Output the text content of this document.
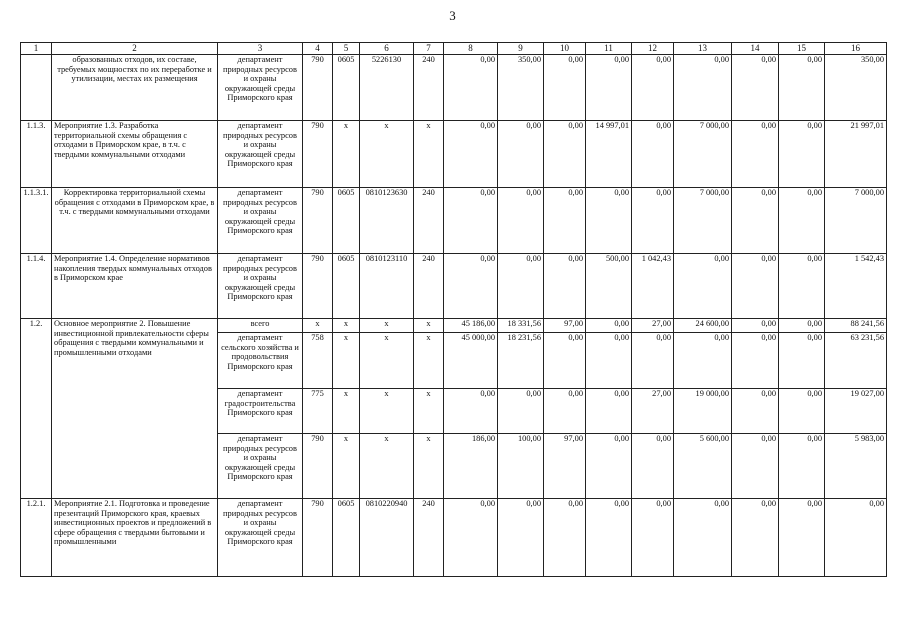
3
1	2	3	4	5	6	7	8	9	10	11	12	13	14	15	16
	образованных отходов, их составе, требуемых мощностях по их переработке и утилизации, местах их размещения	департамент природных ресурсов и охраны окружающей среды Приморского края	790	0605	5226130	240	0,00	350,00	0,00	0,00	0,00	0,00	0,00	0,00	350,00
1.1.3.	Мероприятие 1.3. Разработка территориальной схемы обращения с отходами в Приморском крае, в т.ч. с твердыми коммунальными отходами	департамент природных ресурсов и охраны окружающей среды Приморского края	790	х	х	х	0,00	0,00	0,00	14 997,01	0,00	7 000,00	0,00	0,00	21 997,01
1.1.3.1.	Корректировка территориальной схемы обращения с отходами в Приморском крае, в т.ч. с твердыми коммунальными отходами	департамент природных ресурсов и охраны окружающей среды Приморского края	790	0605	0810123630	240	0,00	0,00	0,00	0,00	0,00	7 000,00	0,00	0,00	7 000,00
1.1.4.	Мероприятие 1.4. Определение нормативов накопления твердых коммунальных отходов в Приморском крае	департамент природных ресурсов и охраны окружающей среды Приморского края	790	0605	0810123110	240	0,00	0,00	0,00	500,00	1 042,43	0,00	0,00	0,00	1 542,43
1.2.	Основное мероприятие 2. Повышение инвестиционной привлекательности сферы обращения с твердыми коммунальными и промышленными отходами	всего	х	х	х	х	45 186,00	18 331,56	97,00	0,00	27,00	24 600,00	0,00	0,00	88 241,56
		департамент сельского хозяйства и продовольствия Приморского края	758	х	х	х	45 000,00	18 231,56	0,00	0,00	0,00	0,00	0,00	0,00	63 231,56
		департамент градостроительства Приморского края	775	х	х	х	0,00	0,00	0,00	0,00	27,00	19 000,00	0,00	0,00	19 027,00
		департамент природных ресурсов и охраны окружающей среды Приморского края	790	х	х	х	186,00	100,00	97,00	0,00	0,00	5 600,00	0,00	0,00	5 983,00
1.2.1.	Мероприятие 2.1. Подготовка и проведение презентаций Приморского края, краевых инвестиционных проектов и предложений в сфере обращения с твердыми бытовыми и промышленными	департамент природных ресурсов и охраны окружающей среды Приморского края	790	0605	0810220940	240	0,00	0,00	0,00	0,00	0,00	0,00	0,00	0,00	0,00
